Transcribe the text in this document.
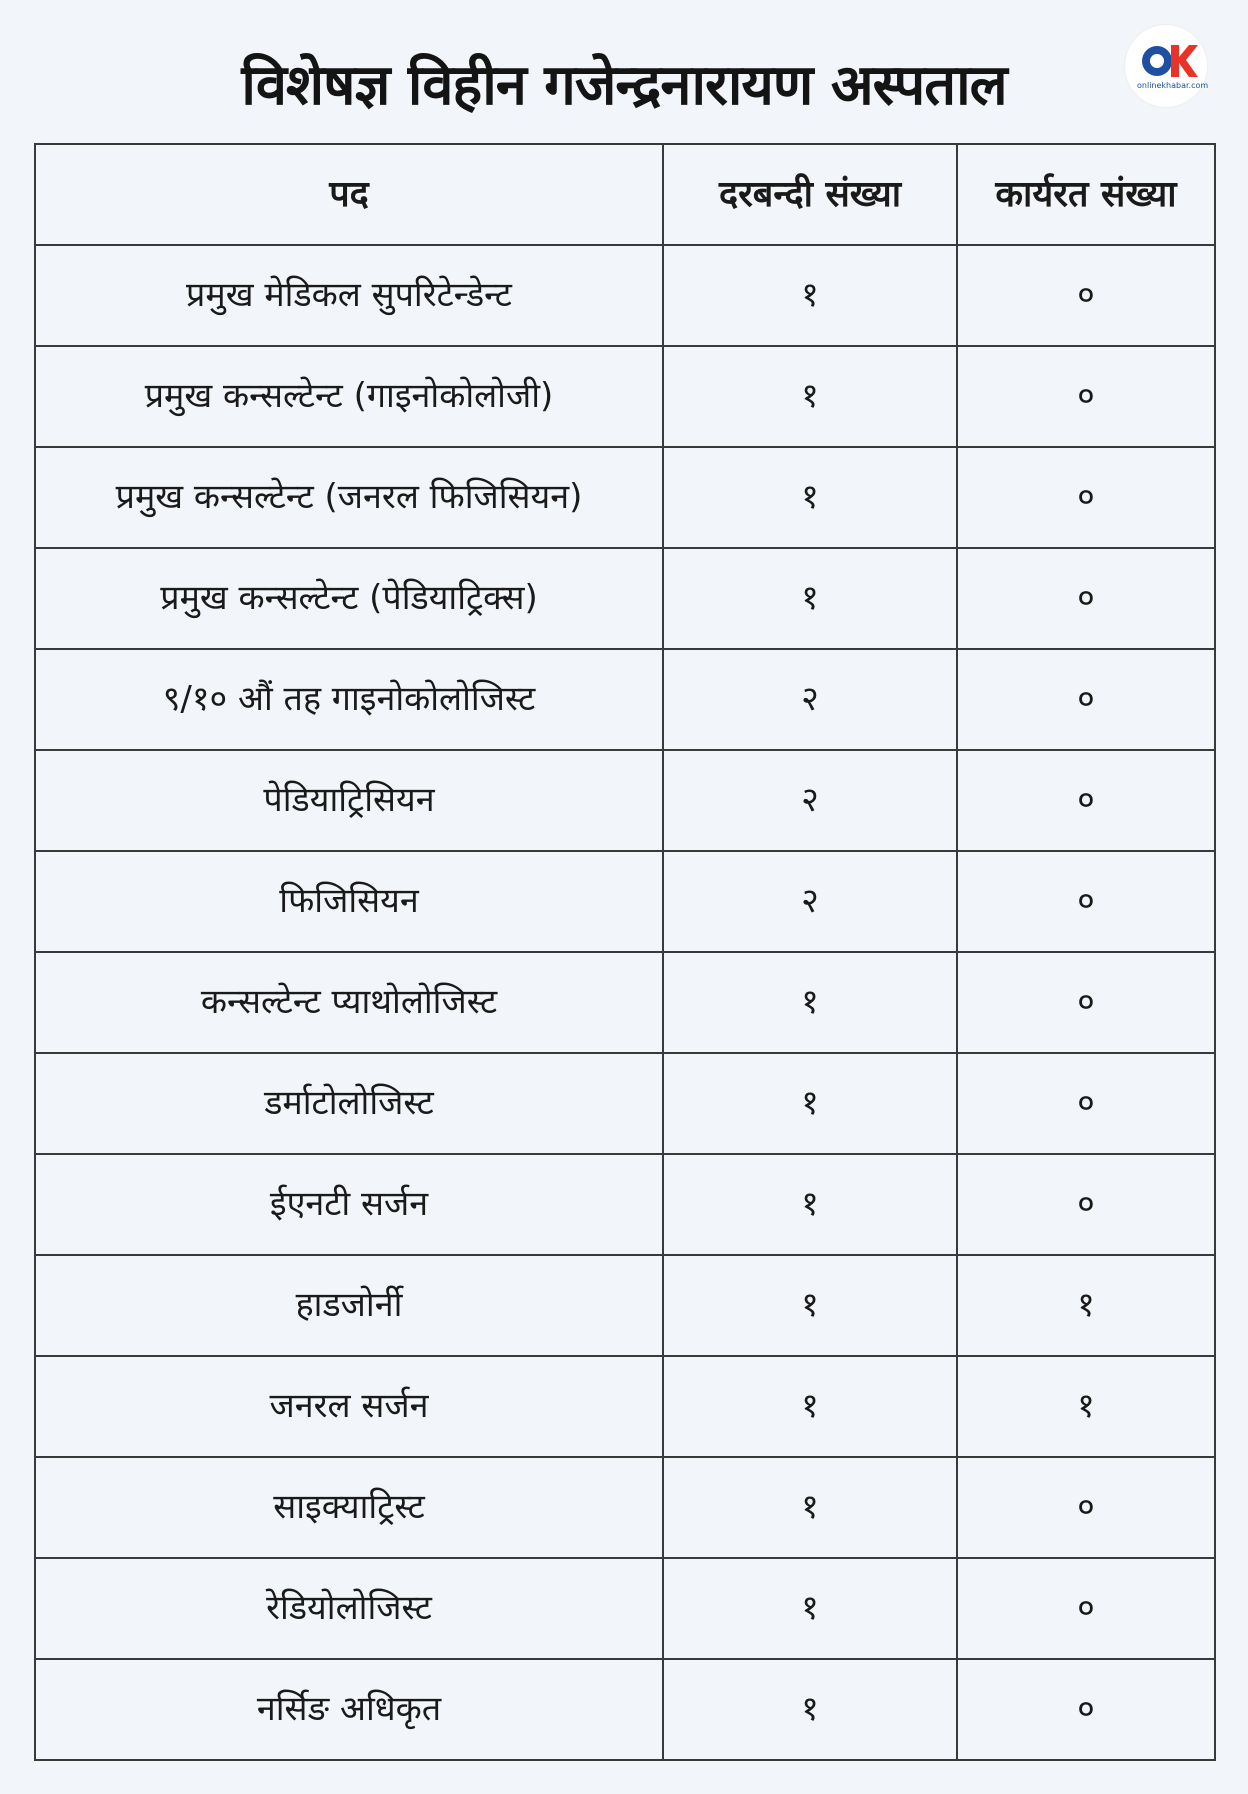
विशेषज्ञ विहीन गजेन्द्रनारायण अस्पताल	onlinekhabar.com
पद	दरबन्दी संख्या	कार्यरत संख्या
प्रमुख मेडिकल सुपरिटेन्डेन्ट	१	०
प्रमुख कन्सल्टेन्ट (गाइनोकोलोजी)	१	०
प्रमुख कन्सल्टेन्ट (जनरल फिजिसियन)	१	०
प्रमुख कन्सल्टेन्ट (पेडियाट्रिक्स)	१	०
९/१० औं तह गाइनोकोलोजिस्ट	२	०
पेडियाट्रिसियन	२	०
फिजिसियन	२	०
कन्सल्टेन्ट प्याथोलोजिस्ट	१	०
डर्माटोलोजिस्ट	१	०
ईएनटी सर्जन	१	०
हाडजोर्नी	१	१
जनरल सर्जन	१	१
साइक्याट्रिस्ट	१	०
रेडियोलोजिस्ट	१	०
नर्सिङ अधिकृत	१	०
